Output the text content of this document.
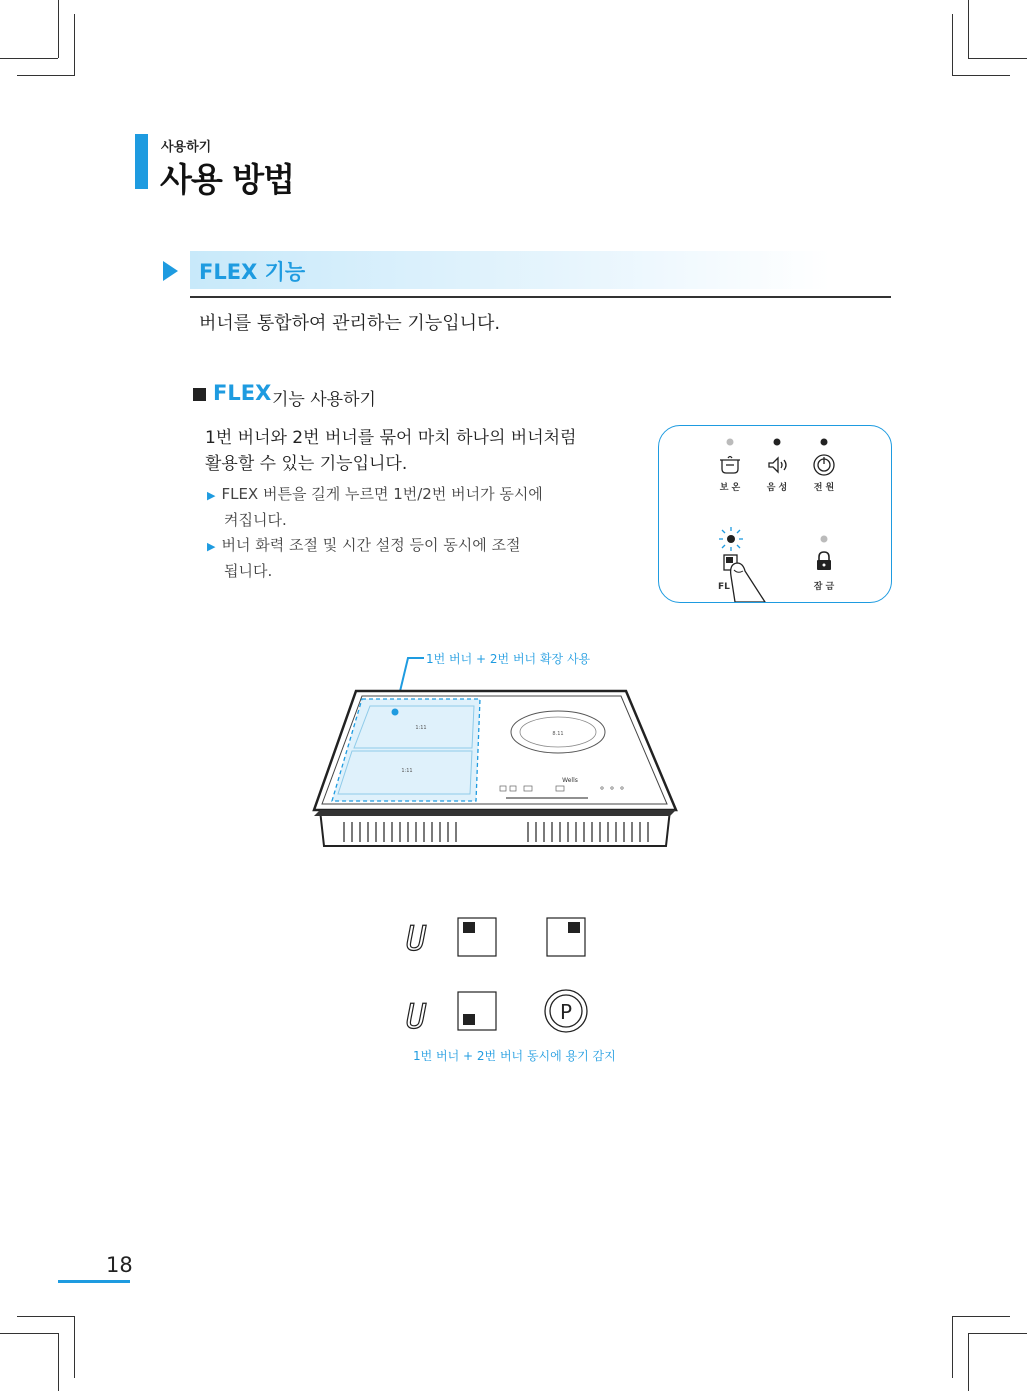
사용하기
사용 방법
FLEX 기능
버너를 통합하여 관리하는 기능입니다.
FLEX 기능 사용하기
1번 버너와 2번 버너를 묶어 마치 하나의 버너처럼
활용할 수 있는 기능입니다.
▶ FLEX 버튼을 길게 누르면 1번/2번 버너가 동시에
켜집니다.
▶ 버너 화력 조절 및 시간 설정 등이 동시에 조절
됩니다.
보 온	음 성	전 원
FL	잠 금
1번 버너 + 2번 버너 확장 사용
1:11
1:11
8.11
Wells
U
U	P
1번 버너 + 2번 버너 동시에 용기 감지
18
